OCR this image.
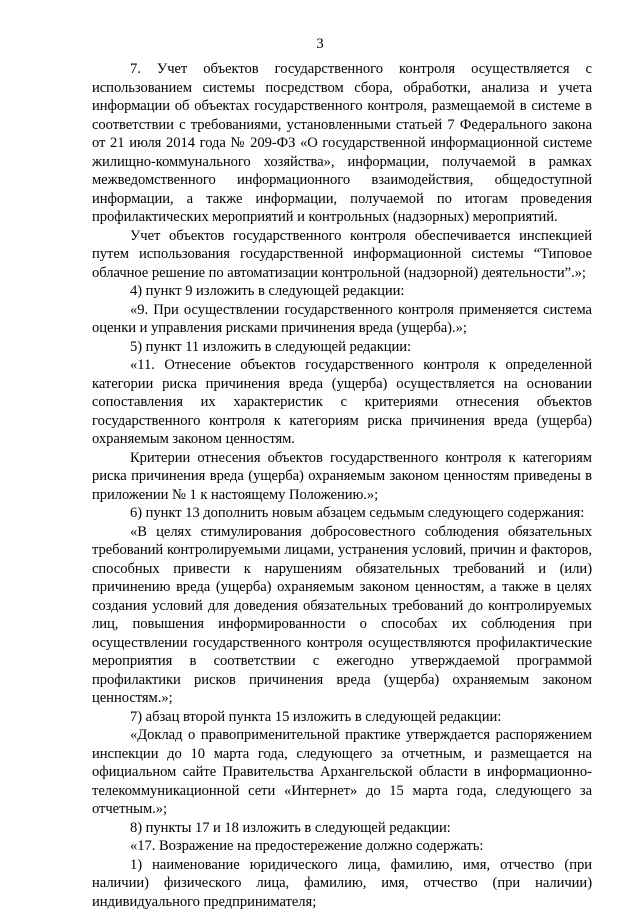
3

7. Учет объектов государственного контроля осуществляется с использованием системы посредством сбора, обработки, анализа и учета информации об объектах государственного контроля, размещаемой в системе в соответствии с требованиями, установленными статьей 7 Федерального закона от 21 июля 2014 года № 209-ФЗ «О государственной информационной системе жилищно-коммунального хозяйства», информации, получаемой в рамках межведомственного информационного взаимодействия, общедоступной информации, а также информации, получаемой по итогам проведения профилактических мероприятий и контрольных (надзорных) мероприятий.

Учет объектов государственного контроля обеспечивается инспекцией путем использования государственной информационной системы “Типовое облачное решение по автоматизации контрольной (надзорной) деятельности”.»;

4) пункт 9 изложить в следующей редакции:

«9. При осуществлении государственного контроля применяется система оценки и управления рисками причинения вреда (ущерба).»;

5) пункт 11 изложить в следующей редакции:

«11. Отнесение объектов государственного контроля к определенной категории риска причинения вреда (ущерба) осуществляется на основании сопоставления их характеристик с критериями отнесения объектов государственного контроля к категориям риска причинения вреда (ущерба) охраняемым законом ценностям.

Критерии отнесения объектов государственного контроля к категориям риска причинения вреда (ущерба) охраняемым законом ценностям приведены в приложении № 1 к настоящему Положению.»;

6) пункт 13 дополнить новым абзацем седьмым следующего содержания:

«В целях стимулирования добросовестного соблюдения обязательных требований контролируемыми лицами, устранения условий, причин и факторов, способных привести к нарушениям обязательных требований и (или) причинению вреда (ущерба) охраняемым законом ценностям, а также в целях создания условий для доведения обязательных требований до контролируемых лиц, повышения информированности о способах их соблюдения при осуществлении государственного контроля осуществляются профилактические мероприятия в соответствии с ежегодно утверждаемой программой профилактики рисков причинения вреда (ущерба) охраняемым законом ценностям.»;

7) абзац второй пункта 15 изложить в следующей редакции:

«Доклад о правоприменительной практике утверждается распоряжением инспекции до 10 марта года, следующего за отчетным, и размещается на официальном сайте Правительства Архангельской области в информационно-телекоммуникационной сети «Интернет» до 15 марта года, следующего за отчетным.»;

8) пункты 17 и 18 изложить в следующей редакции:

«17. Возражение на предостережение должно содержать:

1) наименование юридического лица, фамилию, имя, отчество (при наличии) физического лица, фамилию, имя, отчество (при наличии) индивидуального предпринимателя;
